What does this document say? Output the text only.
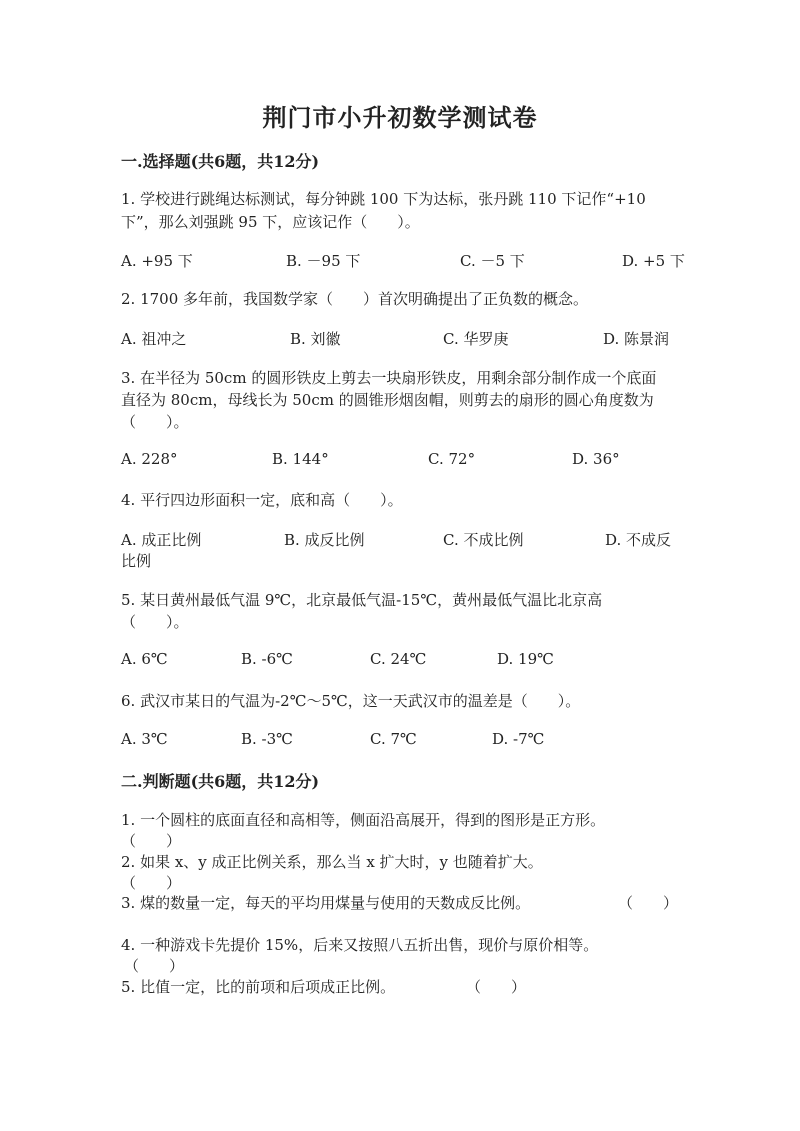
荆门市小升初数学测试卷
一.选择题(共6题，共12分)
1. 学校进行跳绳达标测试，每分钟跳 100 下为达标，张丹跳 110 下记作“+10
下”，那么刘强跳 95 下，应该记作（　　）。
A. +95 下	B. －95 下	C. －5 下	D. +5 下
2. 1700 多年前，我国数学家（　　）首次明确提出了正负数的概念。
A. 祖冲之	B. 刘徽	C. 华罗庚	D. 陈景润
3. 在半径为 50cm 的圆形铁皮上剪去一块扇形铁皮，用剩余部分制作成一个底面
直径为 80cm，母线长为 50cm 的圆锥形烟囱帽，则剪去的扇形的圆心角度数为
（　　）。
A. 228°	B. 144°	C. 72°	D. 36°
4. 平行四边形面积一定，底和高（　　）。
A. 成正比例	B. 成反比例	C. 不成比例	D. 不成反
比例
5. 某日黄州最低气温 9℃，北京最低气温-15℃，黄州最低气温比北京高
（　　）。
A. 6℃	B. -6℃	C. 24℃	D. 19℃
6. 武汉市某日的气温为-2℃～5℃，这一天武汉市的温差是（　　）。
A. 3℃	B. -3℃	C. 7℃	D. -7℃
二.判断题(共6题，共12分)
1. 一个圆柱的底面直径和高相等，侧面沿高展开，得到的图形是正方形。
（　　）
2. 如果 x、y 成正比例关系，那么当 x 扩大时，y 也随着扩大。
（　　）
3. 煤的数量一定，每天的平均用煤量与使用的天数成反比例。	（　　）
4. 一种游戏卡先提价 15%，后来又按照八五折出售，现价与原价相等。
（　　）
5. 比值一定，比的前项和后项成正比例。	（　　）
